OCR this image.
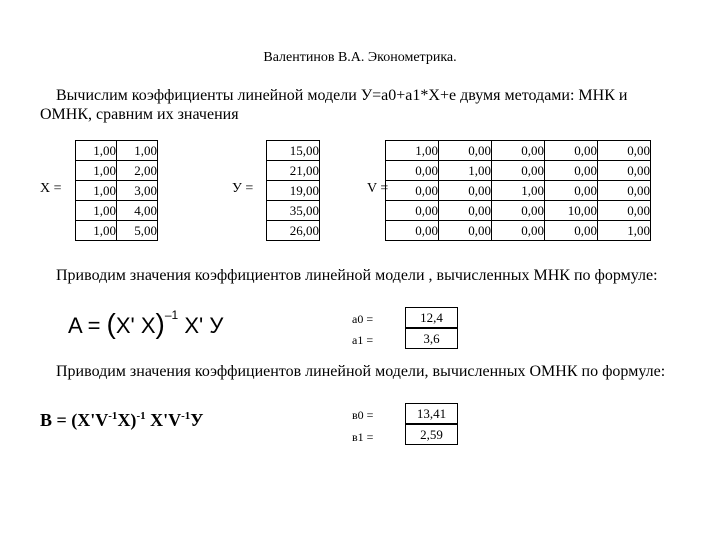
Валентинов В.А. Эконометрика.
Вычислим коэффициенты линейной модели У=a0+a1*X+e двумя методами: МНК и ОМНК, сравним их значения
X =
1,00	1,00
1,00	2,00
1,00	3,00
1,00	4,00
1,00	5,00
У =
15,00
21,00
19,00
35,00
26,00
V =
1,00	0,00	0,00	0,00	0,00
0,00	1,00	0,00	0,00	0,00
0,00	0,00	1,00	0,00	0,00
0,00	0,00	0,00	10,00	0,00
0,00	0,00	0,00	0,00	1,00
Приводим значения коэффициентов линейной модели , вычисленных МНК по формуле:
A = (X' X)$^{-1}$ X' У	a0 =	12,4
a1 =	3,6
Приводим значения коэффициентов линейной модели, вычисленных ОМНК по формуле:
$B = (X'V^{-1}X)^{-1}$ $X'V^{-1}У$	в0 =	13,41
в1 =	2,59
